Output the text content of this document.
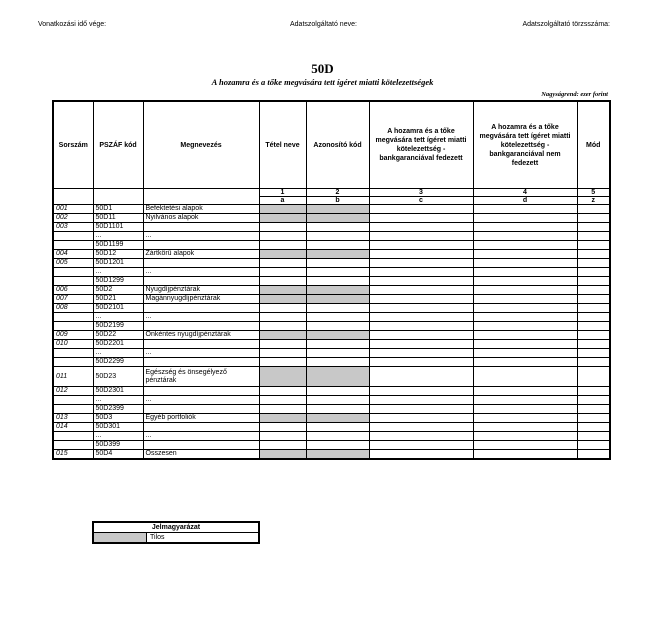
Vonatkozási idő vége:	Adatszolgáltató neve:	Adatszolgáltató törzsszáma:
50D
A hozamra és a tőke megvására tett ígéret miatti kötelezettségek
Nagyságrend: ezer forint
Sorszám	PSZÁF kód	Megnevezés	Tétel neve	Azonosító kód	A hozamra és a tőke megvására tett ígéret miatti kötelezettség - bankgaranciával fedezett	A hozamra és a tőke megvására tett ígéret miatti kötelezettség - bankgaranciával nem fedezett	Mód
			1	2	3	4	5
			a	b	c	d	z
001	50D1	Befektetési alapok					
002	50D11	Nyilvános alapok					
003	50D1101						
	...	...					
	50D1199						
004	50D12	Zártkörű alapok					
005	50D1201						
	...	...					
	50D1299						
006	50D2	Nyugdíjpénztárak					
007	50D21	Magánnyugdíjpénztárak					
008	50D2101						
	...	...					
	50D2199						
009	50D22	Önkéntes nyugdíjpénztárak					
010	50D2201						
	...	...					
	50D2299						
011	50D23	Egészség és önsegélyező pénztárak					
012	50D2301						
	...	...					
	50D2399						
013	50D3	Egyéb portfoliók					
014	50D301						
	...	...					
	50D399						
015	50D4	Összesen					
Jelmagyarázat
	Tilos
